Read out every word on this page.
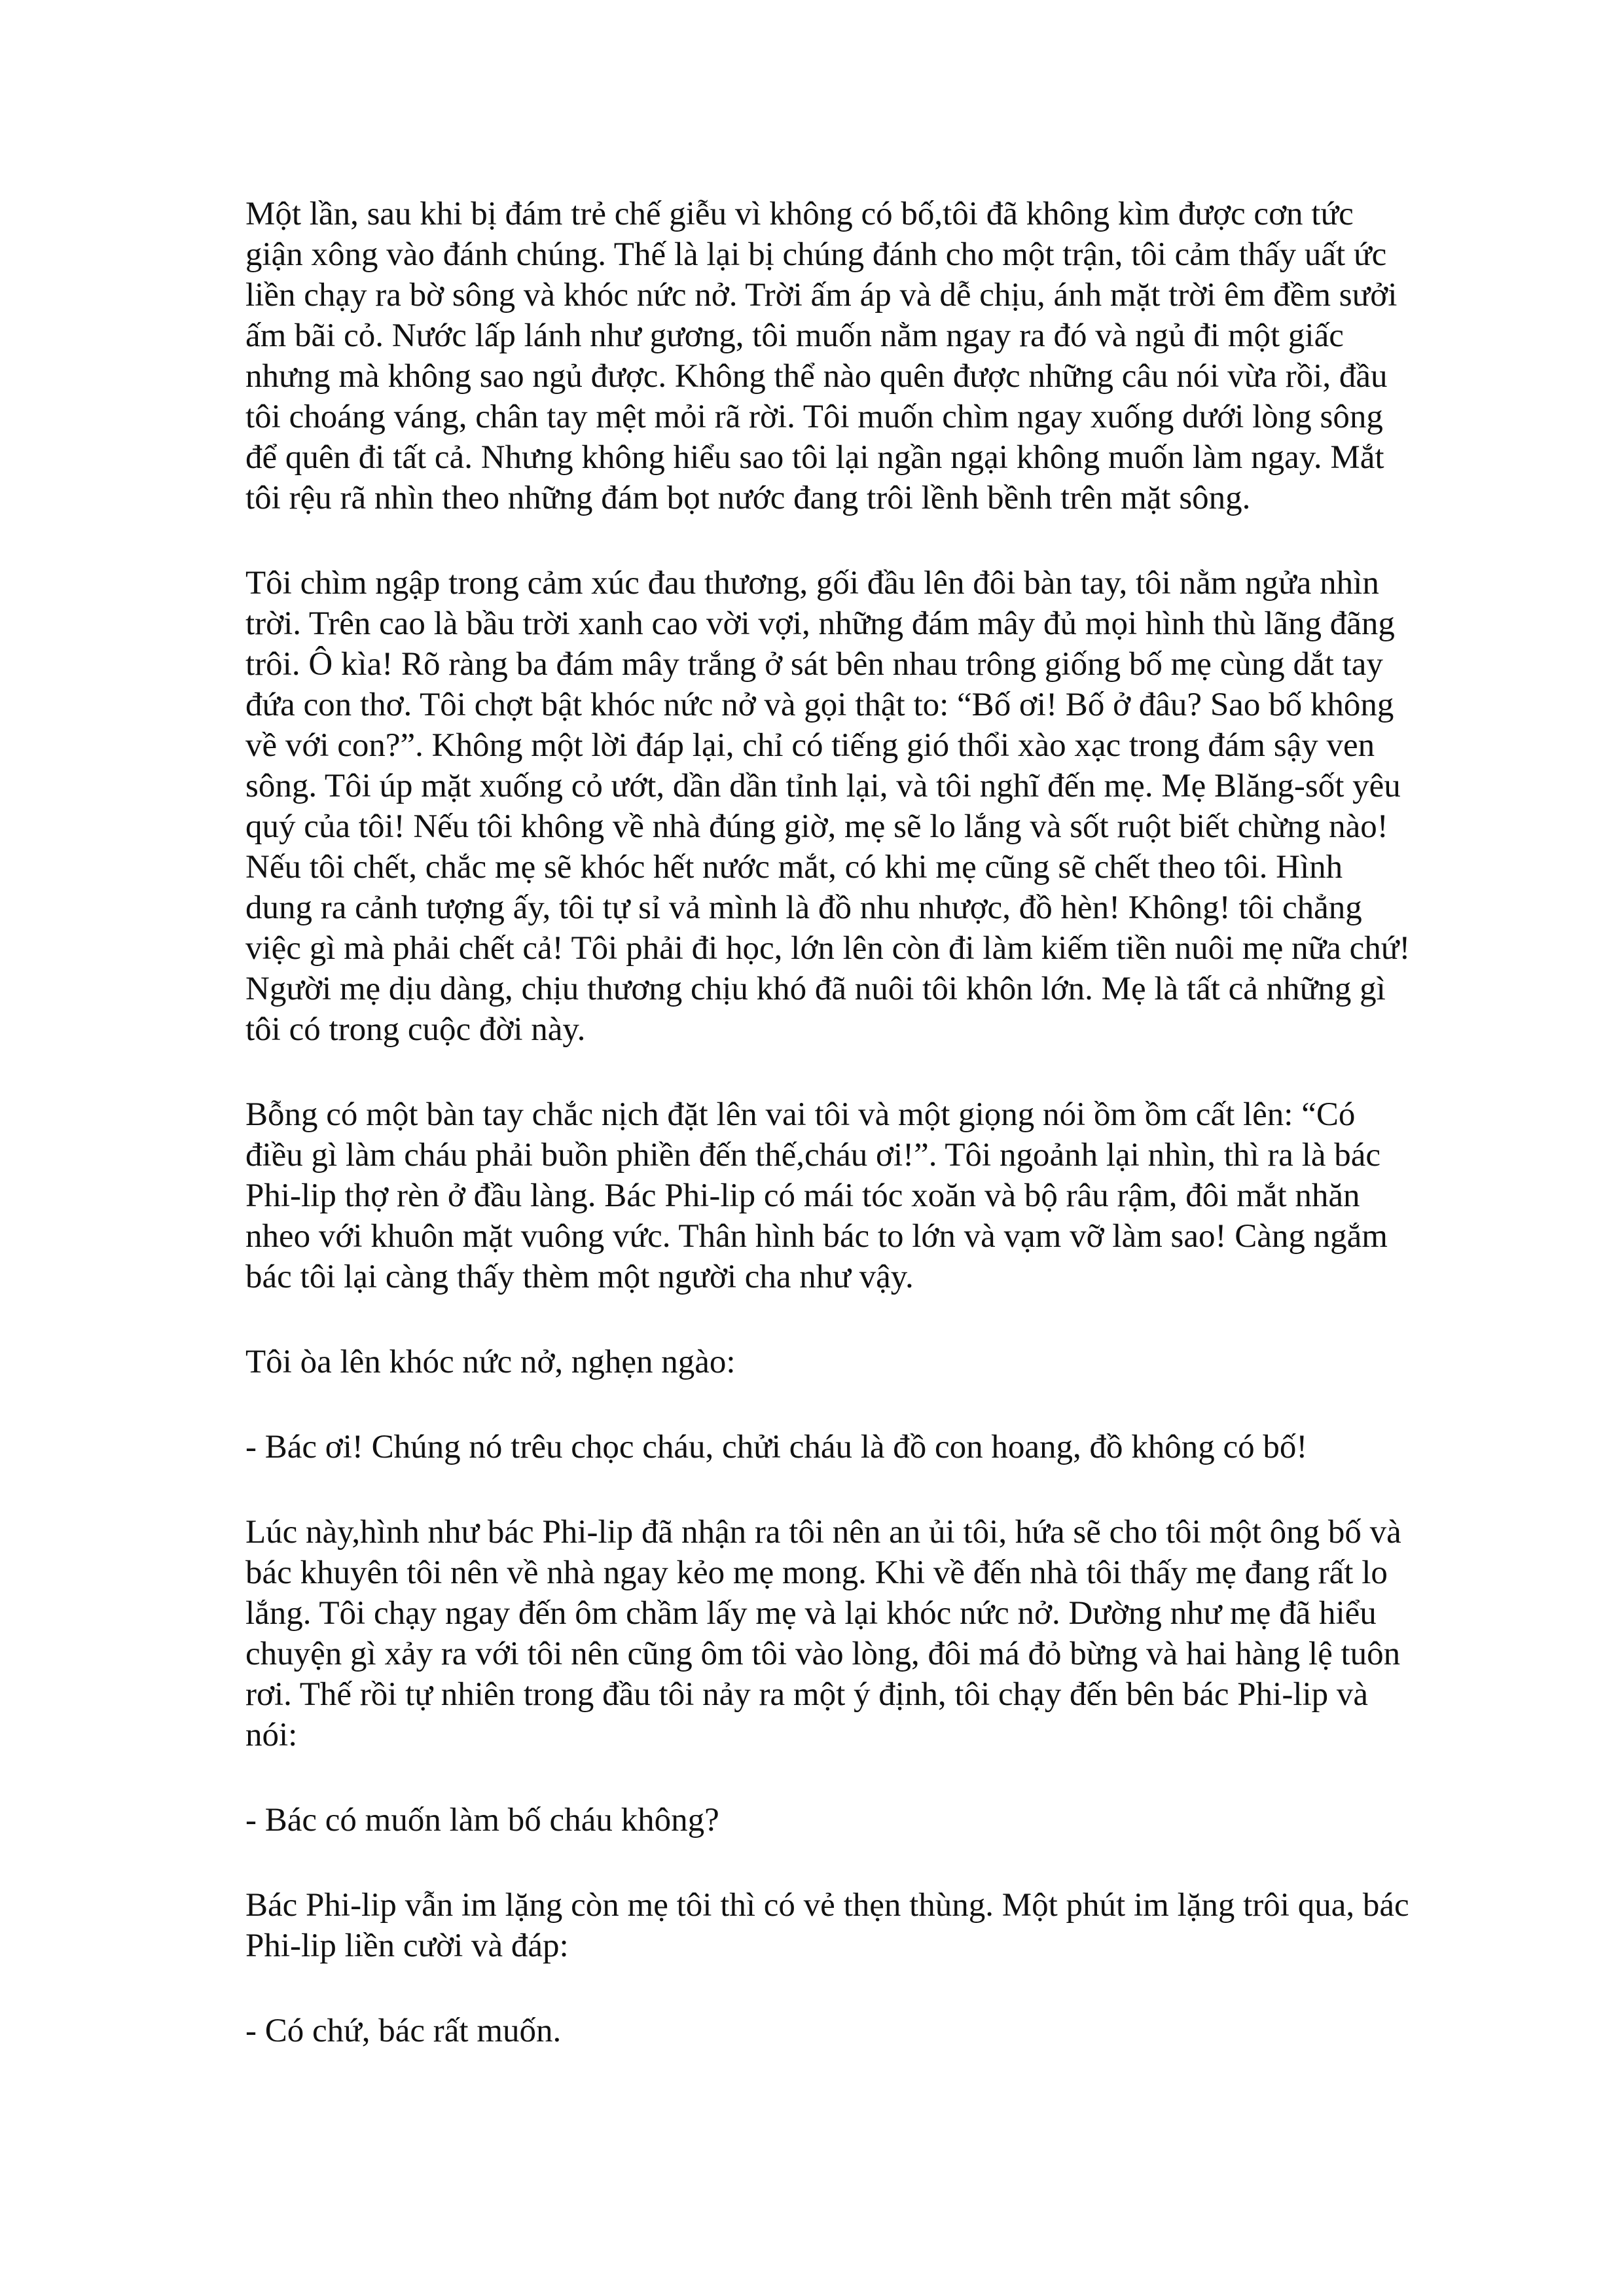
Một lần, sau khi bị đám trẻ chế giễu vì không có bố,tôi đã không kìm được cơn tức giận xông vào đánh chúng. Thế là lại bị chúng đánh cho một trận, tôi cảm thấy uất ức liền chạy ra bờ sông và khóc nức nở. Trời ấm áp và dễ chịu, ánh mặt trời êm đềm sưởi ấm bãi cỏ. Nước lấp lánh như gương, tôi muốn nằm ngay ra đó và ngủ đi một giấc nhưng mà không sao ngủ được. Không thể nào quên được những câu nói vừa rồi, đầu tôi choáng váng, chân tay mệt mỏi rã rời. Tôi muốn chìm ngay xuống dưới lòng sông để quên đi tất cả. Nhưng không hiểu sao tôi lại ngần ngại không muốn làm ngay. Mắt tôi rệu rã nhìn theo những đám bọt nước đang trôi lềnh bềnh trên mặt sông.

Tôi chìm ngập trong cảm xúc đau thương, gối đầu lên đôi bàn tay, tôi nằm ngửa nhìn trời. Trên cao là bầu trời xanh cao vời vợi, những đám mây đủ mọi hình thù lãng đãng trôi. Ô kìa! Rõ ràng ba đám mây trắng ở sát bên nhau trông giống bố mẹ cùng dắt tay đứa con thơ. Tôi chợt bật khóc nức nở và gọi thật to: “Bố ơi! Bố ở đâu? Sao bố không về với con?”. Không một lời đáp lại, chỉ có tiếng gió thổi xào xạc trong đám sậy ven sông. Tôi úp mặt xuống cỏ ướt, dần dần tỉnh lại, và tôi nghĩ đến mẹ. Mẹ Blăng-sốt yêu quý của tôi! Nếu tôi không về nhà đúng giờ, mẹ sẽ lo lắng và sốt ruột biết chừng nào! Nếu tôi chết, chắc mẹ sẽ khóc hết nước mắt, có khi mẹ cũng sẽ chết theo tôi. Hình dung ra cảnh tượng ấy, tôi tự sỉ vả mình là đồ nhu nhược, đồ hèn! Không! tôi chẳng việc gì mà phải chết cả! Tôi phải đi học, lớn lên còn đi làm kiếm tiền nuôi mẹ nữa chứ! Người mẹ dịu dàng, chịu thương chịu khó đã nuôi tôi khôn lớn. Mẹ là tất cả những gì tôi có trong cuộc đời này.

Bỗng có một bàn tay chắc nịch đặt lên vai tôi và một giọng nói ồm ồm cất lên: “Có điều gì làm cháu phải buồn phiền đến thế,cháu ơi!”. Tôi ngoảnh lại nhìn, thì ra là bác Phi-lip thợ rèn ở đầu làng. Bác Phi-lip có mái tóc xoăn và bộ râu rậm, đôi mắt nhăn nheo với khuôn mặt vuông vức. Thân hình bác to lớn và vạm vỡ làm sao! Càng ngắm bác tôi lại càng thấy thèm một người cha như vậy.

Tôi òa lên khóc nức nở, nghẹn ngào:

- Bác ơi! Chúng nó trêu chọc cháu, chửi cháu là đồ con hoang, đồ không có bố!

Lúc này,hình như bác Phi-lip đã nhận ra tôi nên an ủi tôi, hứa sẽ cho tôi một ông bố và bác khuyên tôi nên về nhà ngay kẻo mẹ mong. Khi về đến nhà tôi thấy mẹ đang rất lo lắng. Tôi chạy ngay đến ôm chầm lấy mẹ và lại khóc nức nở. Dường như mẹ đã hiểu chuyện gì xảy ra với tôi nên cũng ôm tôi vào lòng, đôi má đỏ bừng và hai hàng lệ tuôn rơi. Thế rồi tự nhiên trong đầu tôi nảy ra một ý định, tôi chạy đến bên bác Phi-lip và nói:

- Bác có muốn làm bố cháu không?

Bác Phi-lip vẫn im lặng còn mẹ tôi thì có vẻ thẹn thùng. Một phút im lặng trôi qua, bác Phi-lip liền cười và đáp:

- Có chứ, bác rất muốn.
